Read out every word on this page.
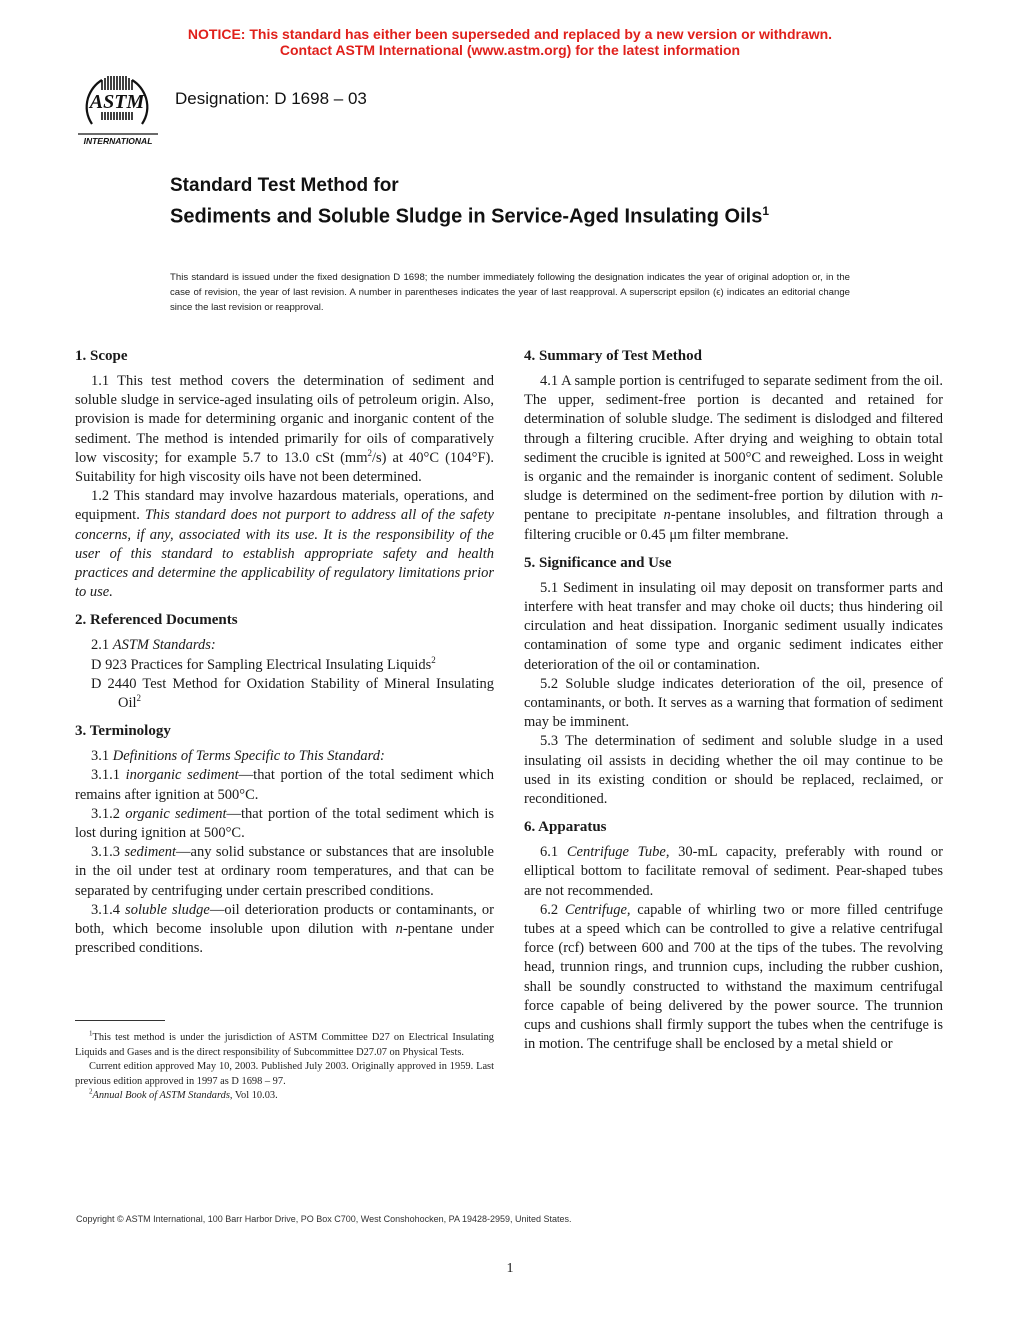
NOTICE: This standard has either been superseded and replaced by a new version or withdrawn.
Contact ASTM International (www.astm.org) for the latest information
ASTM
INTERNATIONAL
Designation: D 1698 – 03
Standard Test Method for
Sediments and Soluble Sludge in Service-Aged Insulating Oils$^1$
This standard is issued under the fixed designation D 1698; the number immediately following the designation indicates the year of original adoption or, in the case of revision, the year of last revision. A number in parentheses indicates the year of last reapproval. A superscript epsilon (ϵ) indicates an editorial change since the last revision or reapproval.
1. Scope

1.1 This test method covers the determination of sediment and soluble sludge in service-aged insulating oils of petroleum origin. Also, provision is made for determining organic and inorganic content of the sediment. The method is intended primarily for oils of comparatively low viscosity; for example 5.7 to 13.0 cSt $(mm^2/s)$ at 40°C (104°F). Suitability for high viscosity oils have not been determined.

1.2 This standard may involve hazardous materials, operations, and equipment. This standard does not purport to address all of the safety concerns, if any, associated with its use. It is the responsibility of the user of this standard to establish appropriate safety and health practices and determine the applicability of regulatory limitations prior to use.

2. Referenced Documents

2.1 ASTM Standards:

D 923 Practices for Sampling Electrical Insulating Liquids$^2$

D 2440 Test Method for Oxidation Stability of Mineral Insulating Oil$^2$

3. Terminology

3.1 Definitions of Terms Specific to This Standard:

3.1.1 inorganic sediment—that portion of the total sediment which remains after ignition at 500°C.

3.1.2 organic sediment—that portion of the total sediment which is lost during ignition at 500°C.

3.1.3 sediment—any solid substance or substances that are insoluble in the oil under test at ordinary room temperatures, and that can be separated by centrifuging under certain prescribed conditions.

3.1.4 soluble sludge—oil deterioration products or contaminants, or both, which become insoluble upon dilution with n-pentane under prescribed conditions.

4. Summary of Test Method

4.1 A sample portion is centrifuged to separate sediment from the oil. The upper, sediment-free portion is decanted and retained for determination of soluble sludge. The sediment is dislodged and filtered through a filtering crucible. After drying and weighing to obtain total sediment the crucible is ignited at 500°C and reweighed. Loss in weight is organic and the remainder is inorganic content of sediment. Soluble sludge is determined on the sediment-free portion by dilution with n-pentane to precipitate n-pentane insolubles, and filtration through a filtering crucible or 0.45 μm filter membrane.

5. Significance and Use

5.1 Sediment in insulating oil may deposit on transformer parts and interfere with heat transfer and may choke oil ducts; thus hindering oil circulation and heat dissipation. Inorganic sediment usually indicates contamination of some type and organic sediment indicates either deterioration of the oil or contamination.

5.2 Soluble sludge indicates deterioration of the oil, presence of contaminants, or both. It serves as a warning that formation of sediment may be imminent.

5.3 The determination of sediment and soluble sludge in a used insulating oil assists in deciding whether the oil may continue to be used in its existing condition or should be replaced, reclaimed, or reconditioned.

6. Apparatus

6.1 Centrifuge Tube, 30-mL capacity, preferably with round or elliptical bottom to facilitate removal of sediment. Pear-shaped tubes are not recommended.

6.2 Centrifuge, capable of whirling two or more filled centrifuge tubes at a speed which can be controlled to give a relative centrifugal force (rcf) between 600 and 700 at the tips of the tubes. The revolving head, trunnion rings, and trunnion cups, including the rubber cushion, shall be soundly constructed to withstand the maximum centrifugal force capable of being delivered by the power source. The trunnion cups and cushions shall firmly support the tubes when the centrifuge is in motion. The centrifuge shall be enclosed by a metal shield or

$^1$This test method is under the jurisdiction of ASTM Committee D27 on Electrical Insulating Liquids and Gases and is the direct responsibility of Subcommittee D27.07 on Physical Tests.

Current edition approved May 10, 2003. Published July 2003. Originally approved in 1959. Last previous edition approved in 1997 as D 1698 – 97.

$^2$Annual Book of ASTM Standards, Vol 10.03.

Copyright © ASTM International, 100 Barr Harbor Drive, PO Box C700, West Conshohocken, PA 19428-2959, United States.
1
